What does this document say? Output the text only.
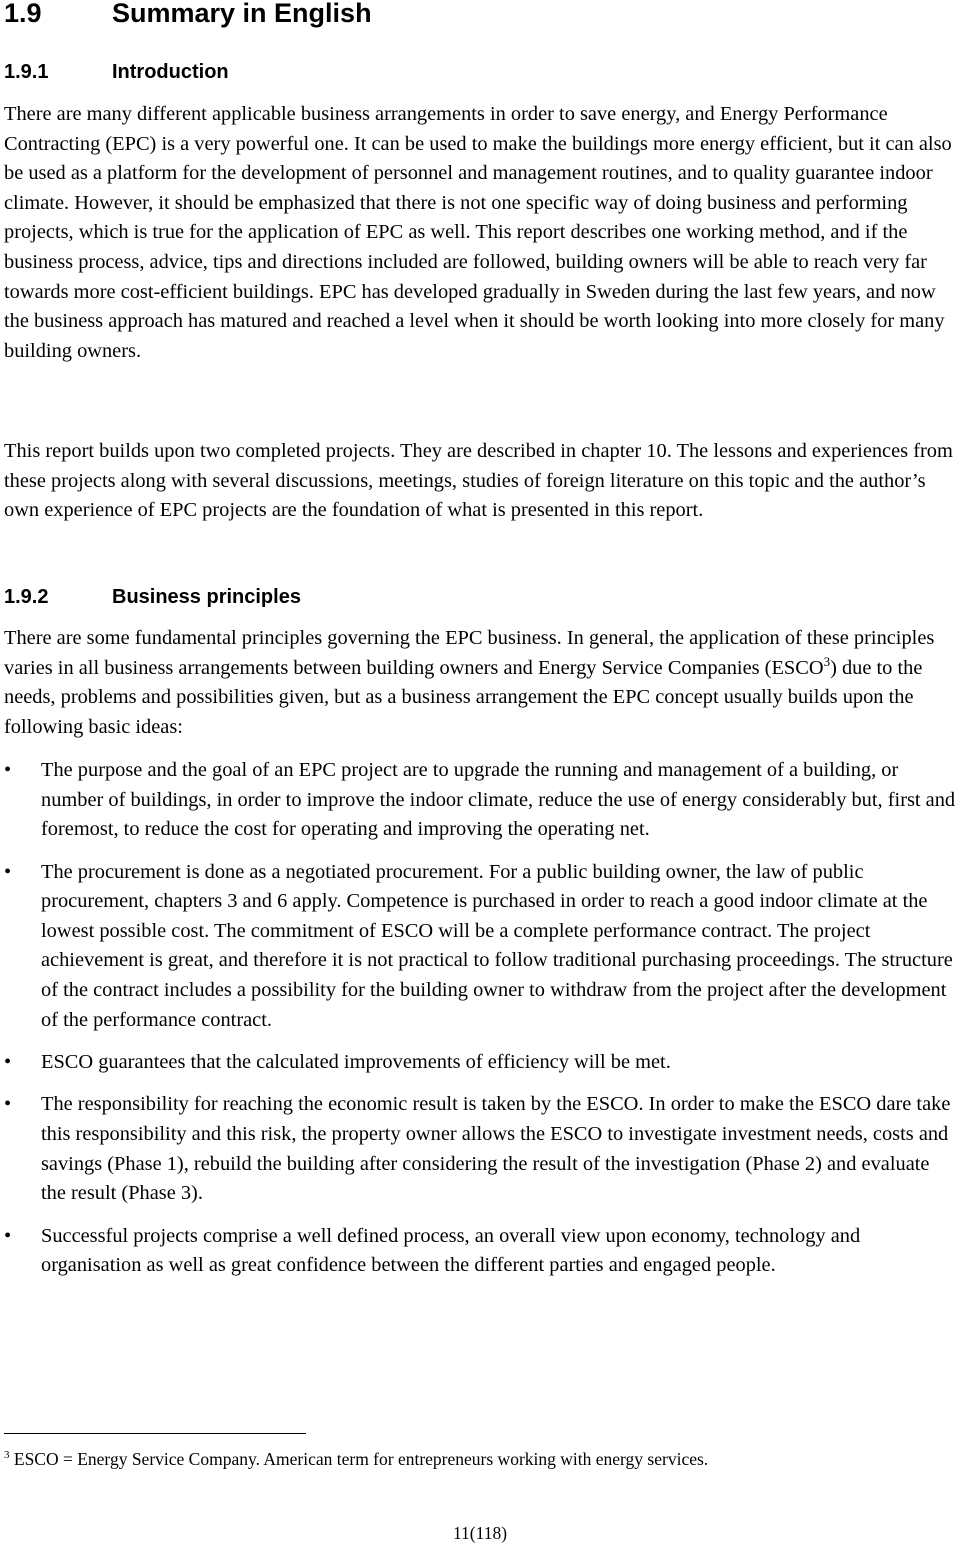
1.9	Summary in English
1.9.1	Introduction

There are many different applicable business arrangements in order to save energy, and Energy Performance Contracting (EPC) is a very powerful one. It can be used to make the buildings more energy efficient, but it can also be used as a platform for the development of personnel and management routines, and to quality guarantee indoor climate. However, it should be emphasized that there is not one specific way of doing business and performing projects, which is true for the application of EPC as well. This report describes one working method, and if the business process, advice, tips and directions included are followed, building owners will be able to reach very far towards more cost-efficient buildings. EPC has developed gradually in Sweden during the last few years, and now the business approach has matured and reached a level when it should be worth looking into more closely for many building owners.

This report builds upon two completed projects. They are described in chapter 10. The lessons and experiences from these projects along with several discussions, meetings, studies of foreign literature on this topic and the author’s own experience of EPC projects are the foundation of what is presented in this report.

1.9.2	Business principles

There are some fundamental principles governing the EPC business. In general, the application of these principles varies in all business arrangements between building owners and Energy Service Companies (ESCO$^3$) due to the needs, problems and possibilities given, but as a business arrangement the EPC concept usually builds upon the following basic ideas:

• The purpose and the goal of an EPC project are to upgrade the running and management of a building, or number of buildings, in order to improve the indoor climate, reduce the use of energy considerably but, first and foremost, to reduce the cost for operating and improving the operating net.
• The procurement is done as a negotiated procurement. For a public building owner, the law of public procurement, chapters 3 and 6 apply. Competence is purchased in order to reach a good indoor climate at the lowest possible cost. The commitment of ESCO will be a complete performance contract. The project achievement is great, and therefore it is not practical to follow traditional purchasing proceedings. The structure of the contract includes a possibility for the building owner to withdraw from the project after the development of the performance contract.
• ESCO guarantees that the calculated improvements of efficiency will be met.
• The responsibility for reaching the economic result is taken by the ESCO. In order to make the ESCO dare take this responsibility and this risk, the property owner allows the ESCO to investigate investment needs, costs and savings (Phase 1), rebuild the building after considering the result of the investigation (Phase 2) and evaluate the result (Phase 3).
• Successful projects comprise a well defined process, an overall view upon economy, technology and organisation as well as great confidence between the different parties and engaged people.
$^3$ ESCO = Energy Service Company. American term for entrepreneurs working with energy services.
11(118)
